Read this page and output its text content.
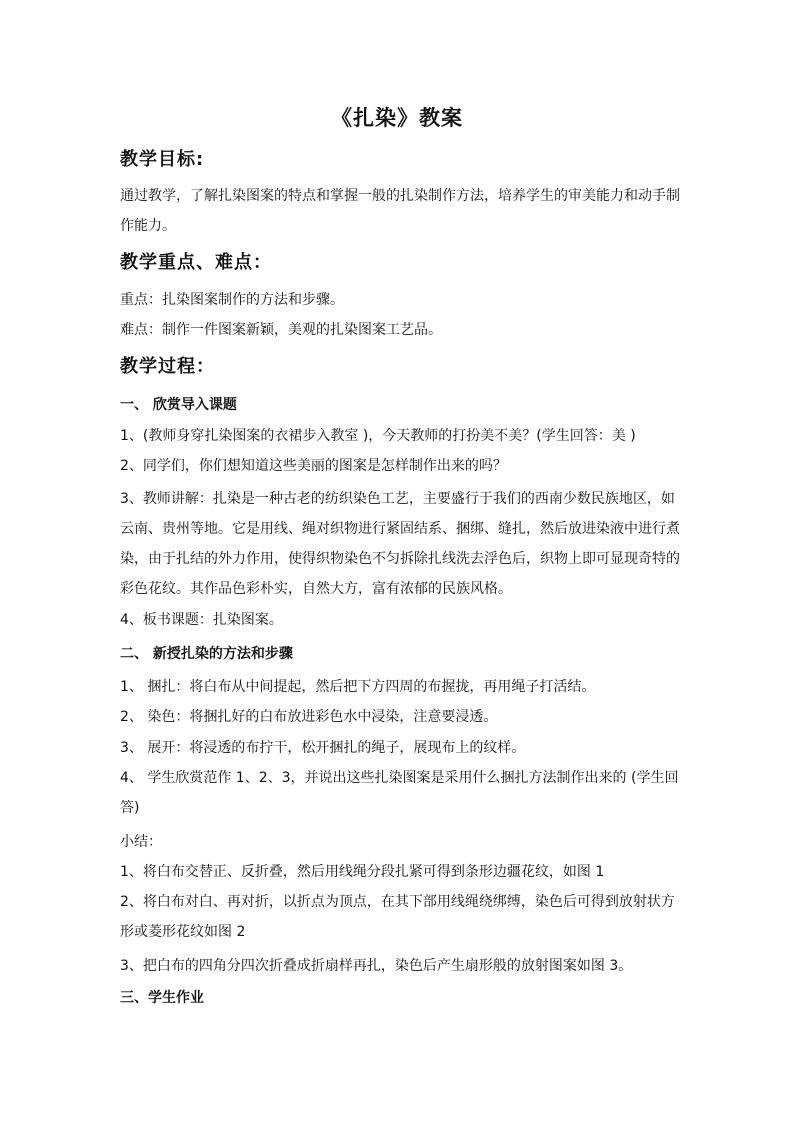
《扎染》教案
教学目标:
通过教学，了解扎染图案的特点和掌握一般的扎染制作方法，培养学生的审美能力和动手制作能力。
教学重点、难点：
重点：扎染图案制作的方法和步骤。
难点：制作一件图案新颖，美观的扎染图案工艺品。
教学过程：
一、 欣赏导入课题
1、(教师身穿扎染图案的衣裙步入教室 )，今天教师的打扮美不美？(学生回答：美 )
2、同学们，你们想知道这些美丽的图案是怎样制作出来的吗？
3、教师讲解：扎染是一种古老的纺织染色工艺，主要盛行于我们的西南少数民族地区，如云南、贵州等地。它是用线、绳对织物进行紧固结系、捆绑、缝扎，然后放进染液中进行煮染，由于扎结的外力作用，使得织物染色不匀拆除扎线洗去浮色后，织物上即可显现奇特的彩色花纹。其作品色彩朴实，自然大方，富有浓郁的民族风格。
4、板书课题：扎染图案。
二、 新授扎染的方法和步骤
1、 捆扎：将白布从中间提起，然后把下方四周的布握拢，再用绳子打活结。
2、 染色：将捆扎好的白布放进彩色水中浸染，注意要浸透。
3、 展开：将浸透的布拧干，松开捆扎的绳子，展现布上的纹样。
4、 学生欣赏范作 1、2、3，并说出这些扎染图案是采用什么捆扎方法制作出来的 (学生回答)
小结：
1、将白布交替正、反折叠，然后用线绳分段扎紧可得到条形边疆花纹，如图 1
2、将白布对白、再对折，以折点为顶点，在其下部用线绳绕绑缚，染色后可得到放射状方形或菱形花纹如图 2
3、把白布的四角分四次折叠成折扇样再扎，染色后产生扇形般的放射图案如图 3。
三、学生作业
